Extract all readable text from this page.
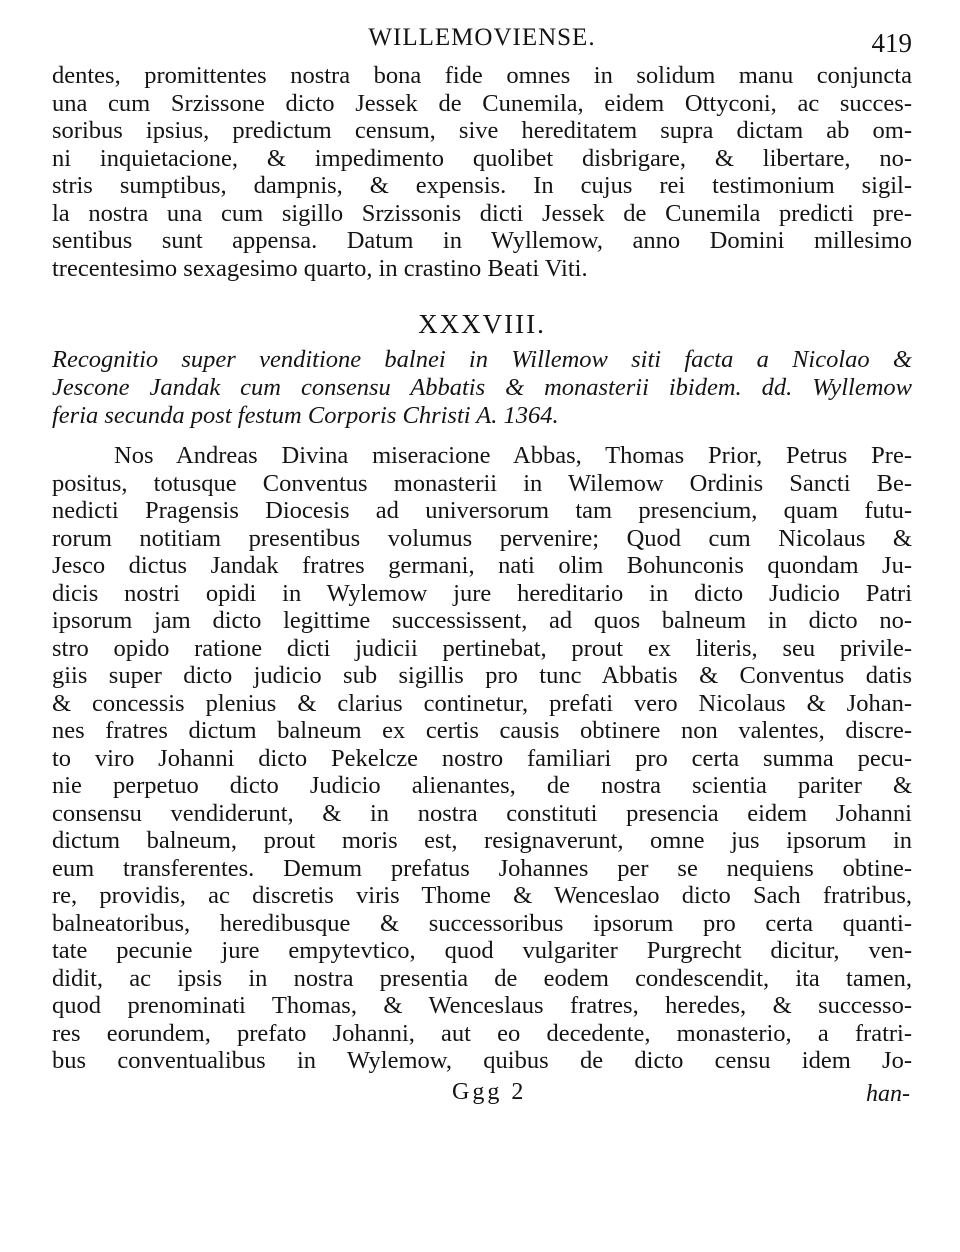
WILLEMOVIENSE.	419
dentes, promittentes nostra bona fide omnes in solidum manu conjuncta
una cum Srzissone dicto Jessek de Cunemila, eidem Ottyconi, ac succes-
soribus ipsius, predictum censum, sive hereditatem supra dictam ab om-
ni inquietacione, & impedimento quolibet disbrigare, & libertare, no-
stris sumptibus, dampnis, & expensis. In cujus rei testimonium sigil-
la nostra una cum sigillo Srzissonis dicti Jessek de Cunemila predicti pre-
sentibus sunt appensa. Datum in Wyllemow, anno Domini millesimo
trecentesimo sexagesimo quarto, in crastino Beati Viti.
XXXVIII.
Recognitio super venditione balnei in Willemow siti facta a Nicolao &
Jescone Jandak cum consensu Abbatis & monasterii ibidem. dd. Wyllemow
feria secunda post festum Corporis Christi A. 1364.
Nos Andreas Divina miseracione Abbas, Thomas Prior, Petrus Pre-
positus, totusque Conventus monasterii in Wilemow Ordinis Sancti Be-
nedicti Pragensis Diocesis ad universorum tam presencium, quam futu-
rorum notitiam presentibus volumus pervenire; Quod cum Nicolaus &
Jesco dictus Jandak fratres germani, nati olim Bohunconis quondam Ju-
dicis nostri opidi in Wylemow jure hereditario in dicto Judicio Patri
ipsorum jam dicto legittime successissent, ad quos balneum in dicto no-
stro opido ratione dicti judicii pertinebat, prout ex literis, seu privile-
giis super dicto judicio sub sigillis pro tunc Abbatis & Conventus datis
& concessis plenius & clarius continetur, prefati vero Nicolaus & Johan-
nes fratres dictum balneum ex certis causis obtinere non valentes, discre-
to viro Johanni dicto Pekelcze nostro familiari pro certa summa pecu-
nie perpetuo dicto Judicio alienantes, de nostra scientia pariter &
consensu vendiderunt, & in nostra constituti presencia eidem Johanni
dictum balneum, prout moris est, resignaverunt, omne jus ipsorum in
eum transferentes. Demum prefatus Johannes per se nequiens obtine-
re, providis, ac discretis viris Thome & Wenceslao dicto Sach fratribus,
balneatoribus, heredibusque & successoribus ipsorum pro certa quanti-
tate pecunie jure empytevtico, quod vulgariter Purgrecht dicitur, ven-
didit, ac ipsis in nostra presentia de eodem condescendit, ita tamen,
quod prenominati Thomas, & Wenceslaus fratres, heredes, & successo-
res eorundem, prefato Johanni, aut eo decedente, monasterio, a fratri-
bus conventualibus in Wylemow, quibus de dicto censu idem Jo-
Ggg 2	han-
